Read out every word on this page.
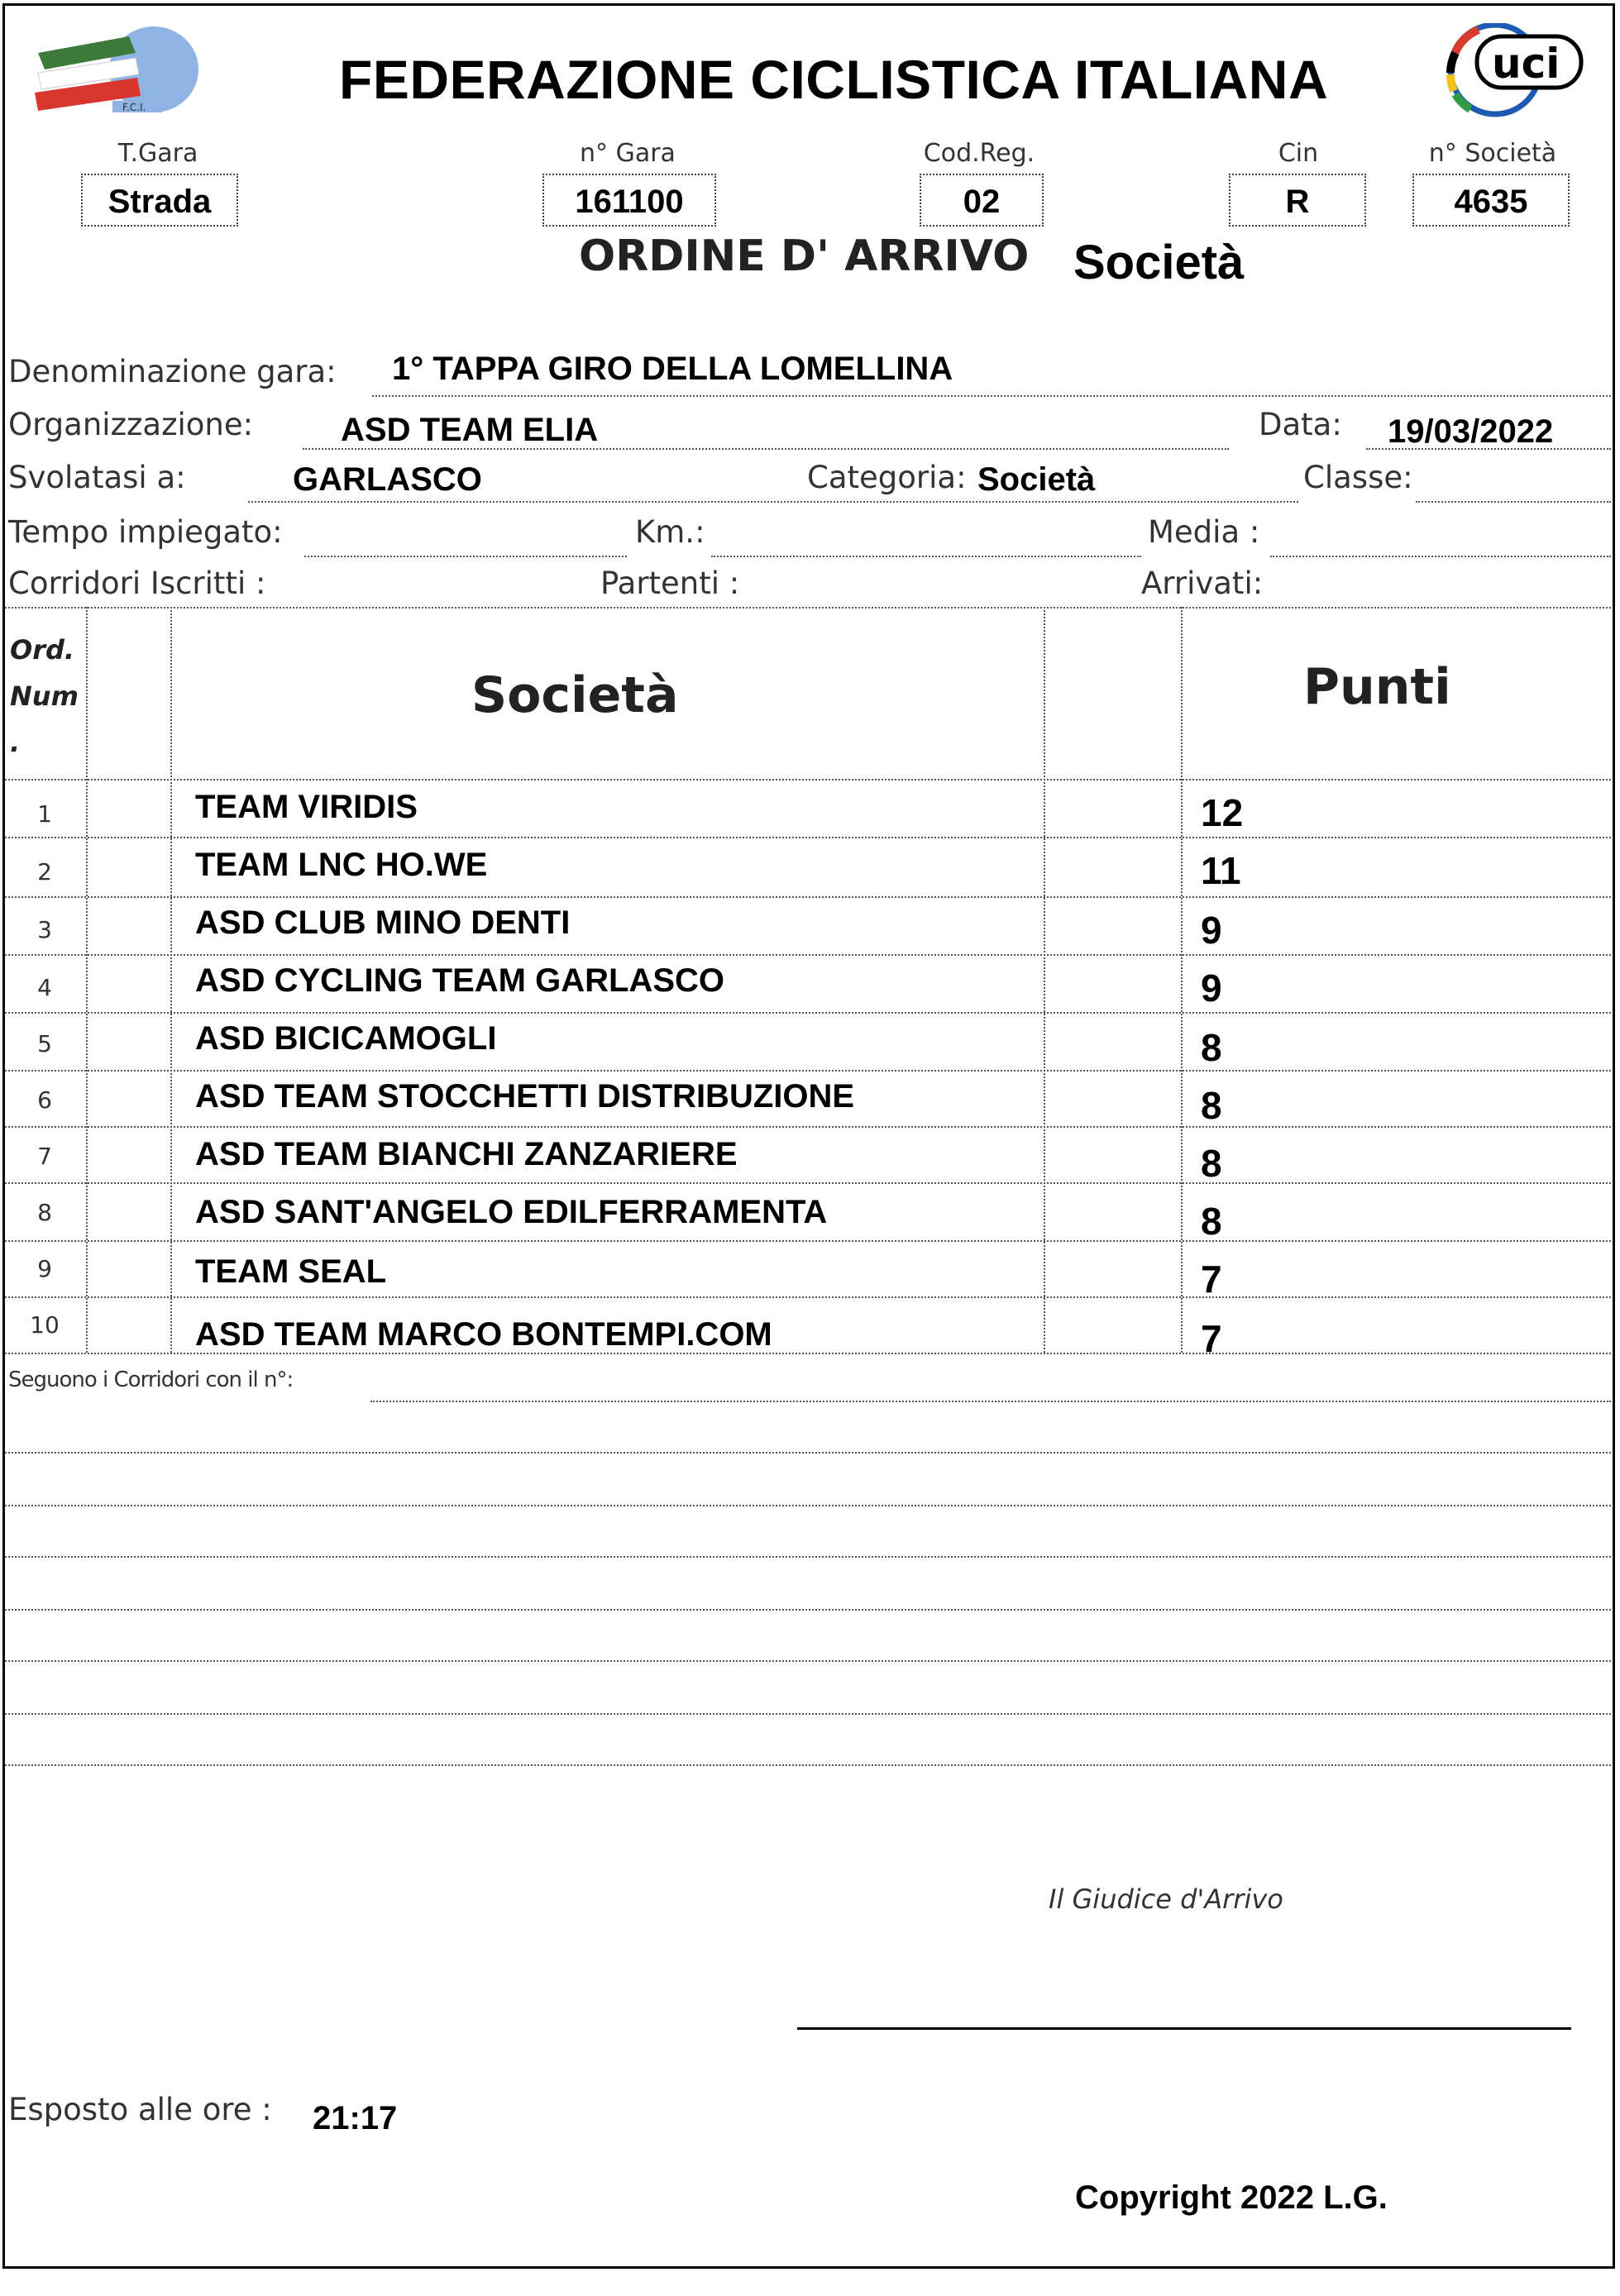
F.C.I.
uci
FEDERAZIONE CICLISTICA ITALIANA
T.Gara
Strada
n° Gara
161100
Cod.Reg.
02
Cin
R
n° Società
4635
ORDINE D' ARRIVO Società
Denominazione gara: 1° TAPPA GIRO DELLA LOMELLINA
Organizzazione:	ASD TEAM ELIA	Data: 19/03/2022
Svolatasi a:	GARLASCO	Categoria: Società	Classe:
Tempo impiegato:	Km.:	Media :
Corridori Iscritti :	Partenti :	Arrivati:
Ord.
Num
.
Società	Punti
1	TEAM VIRIDIS	12
2	TEAM LNC HO.WE	11
3	ASD CLUB MINO DENTI	9
4	ASD CYCLING TEAM GARLASCO	9
5	ASD BICICAMOGLI	8
6	ASD TEAM STOCCHETTI DISTRIBUZIONE	8
7	ASD TEAM BIANCHI ZANZARIERE	8
8	ASD SANT'ANGELO EDILFERRAMENTA	8
9	TEAM SEAL	7
10	ASD TEAM MARCO BONTEMPI.COM	7
Seguono i Corridori con il n°:
Il Giudice d'Arrivo
Esposto alle ore : 21:17
Copyright 2022 L.G.
